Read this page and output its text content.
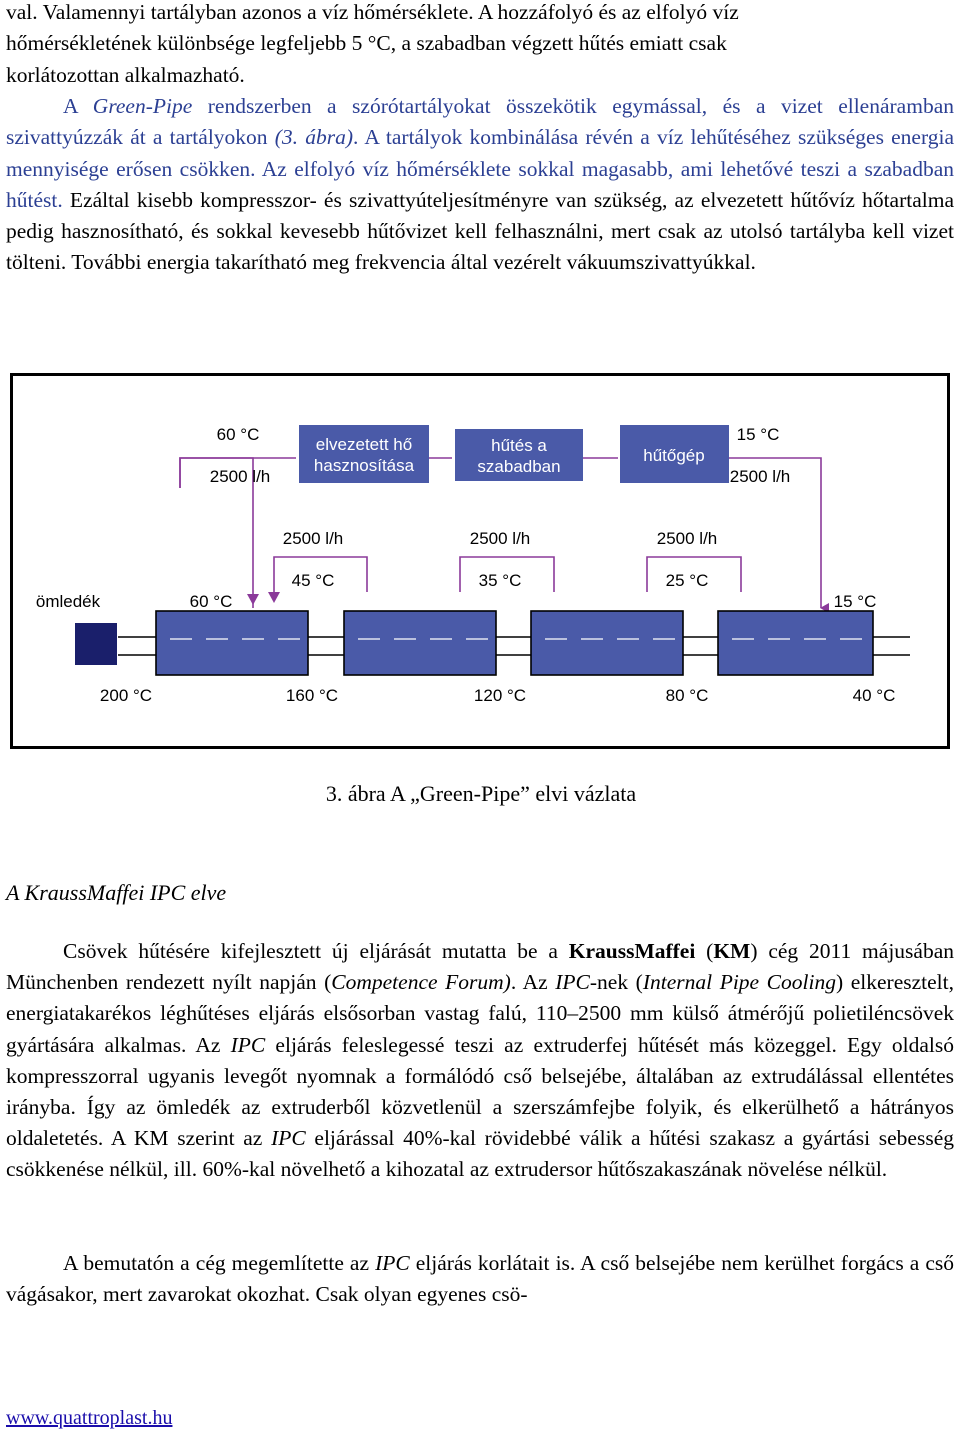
val. Valamennyi tartályban azonos a víz hőmérséklete. A hozzáfolyó és az elfolyó víz
hőmérsékletének különbsége legfeljebb 5 °C, a szabadban végzett hűtés emiatt csak
korlátozottan alkalmazható.

A Green-Pipe rendszerben a szórótartályokat összekötik egymással, és a vizet ellenáramban szivattyúzzák át a tartályokon (3. ábra). A tartályok kombinálása révén a víz lehűtéséhez szükséges energia mennyisége erősen csökken. Az elfolyó víz hőmérséklete sokkal magasabb, ami lehetővé teszi a szabadban hűtést. Ezáltal kisebb kompresszor- és szivattyúteljesítményre van szükség, az elvezetett hűtővíz hőtartalma pedig hasznosítható, és sokkal kevesebb hűtővizet kell felhasználni, mert csak az utolsó tartályba kell vizet tölteni. További energia takarítható meg frekvencia által vezérelt vákuumszivattyúkkal.

elvezetett hő
hasznosítása
hűtés a
szabadban
hűtőgép
60 °C
2500 l/h
15 °C
2500 l/h
2500 l/h	2500 l/h	2500 l/h
45 °C	35 °C	25 °C
ömledék	60 °C	15 °C
200 °C	160 °C	120 °C	80 °C	40 °C

3. ábra A „Green-Pipe” elvi vázlata

A KraussMaffei IPC elve

Csövek hűtésére kifejlesztett új eljárását mutatta be a KraussMaffei (KM) cég 2011 májusában Münchenben rendezett nyílt napján (Competence Forum). Az IPC-nek (Internal Pipe Cooling) elkeresztelt, energiatakarékos léghűtéses eljárás elsősorban vastag falú, 110–2500 mm külső átmérőjű polietiléncsövek gyártására alkalmas. Az IPC eljárás feleslegessé teszi az extruderfej hűtését más közeggel. Egy oldalsó kompresszorral ugyanis levegőt nyomnak a formálódó cső belsejébe, általában az extrudálással ellentétes irányba. Így az ömledék az extruderből közvetlenül a szerszámfejbe folyik, és elkerülhető a hátrányos oldaletetés. A KM szerint az IPC eljárással 40%-kal rövidebbé válik a hűtési szakasz a gyártási sebesség csökkenése nélkül, ill. 60%-kal növelhető a kihozatal az extrudersor hűtőszakaszának növelése nélkül.

A bemutatón a cég megemlítette az IPC eljárás korlátait is. A cső belsejébe nem kerülhet forgács a cső vágásakor, mert zavarokat okozhat. Csak olyan egyenes csö-

www.quattroplast.hu
